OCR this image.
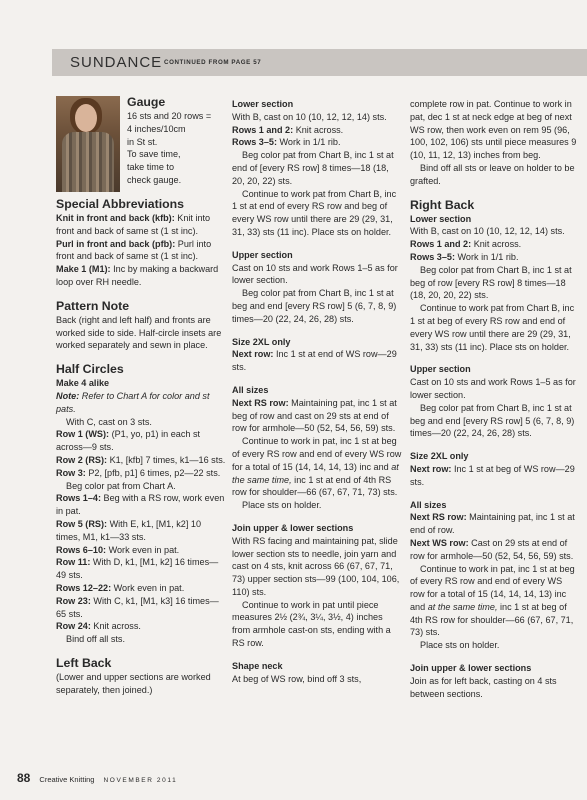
SUNDANCE CONTINUED FROM PAGE 57

Gauge

16 sts and 20 rows =

4 inches/10cm

in St st.

To save time,

take time to

check gauge.

Special Abbreviations

Knit in front and back (kfb): Knit into front and back of same st (1 st inc).

Purl in front and back (pfb): Purl into front and back of same st (1 st inc).

Make 1 (M1): Inc by making a backward loop over RH needle.

Pattern Note

Back (right and left half) and fronts are worked side to side. Half-circle insets are worked separately and sewn in place.

Half Circles

Make 4 alike

Note: Refer to Chart A for color and st pats.

With C, cast on 3 sts.

Row 1 (WS): (P1, yo, p1) in each st across—9 sts.

Row 2 (RS): K1, [kfb] 7 times, k1—16 sts.

Row 3: P2, [pfb, p1] 6 times, p2—22 sts.

Beg color pat from Chart A.

Rows 1–4: Beg with a RS row, work even in pat.

Row 5 (RS): With E, k1, [M1, k2] 10 times, M1, k1—33 sts.

Rows 6–10: Work even in pat.

Row 11: With D, k1, [M1, k2] 16 times—49 sts.

Rows 12–22: Work even in pat.

Row 23: With C, k1, [M1, k3] 16 times—65 sts.

Row 24: Knit across.

Bind off all sts.

Left Back

(Lower and upper sections are worked separately, then joined.)

Lower section

With B, cast on 10 (10, 12, 12, 14) sts.

Rows 1 and 2: Knit across.

Rows 3–5: Work in 1/1 rib.

Beg color pat from Chart B, inc 1 st at end of [every RS row] 8 times—18 (18, 20, 20, 22) sts.

Continue to work pat from Chart B, inc 1 st at end of every RS row and beg of every WS row until there are 29 (29, 31, 31, 33) sts (11 inc). Place sts on holder.

Upper section

Cast on 10 sts and work Rows 1–5 as for lower section.

Beg color pat from Chart B, inc 1 st at beg and end [every RS row] 5 (6, 7, 8, 9) times—20 (22, 24, 26, 28) sts.

Size 2XL only

Next row: Inc 1 st at end of WS row—29 sts.

All sizes

Next RS row: Maintaining pat, inc 1 st at beg of row and cast on 29 sts at end of row for armhole—50 (52, 54, 56, 59) sts.

Continue to work in pat, inc 1 st at beg of every RS row and end of every WS row for a total of 15 (14, 14, 14, 13) inc and at the same time, inc 1 st at end of 4th RS row for shoulder—66 (67, 67, 71, 73) sts.

Place sts on holder.

Join upper & lower sections

With RS facing and maintaining pat, slide lower section sts to needle, join yarn and cast on 4 sts, knit across 66 (67, 67, 71, 73) upper section sts—99 (100, 104, 106, 110) sts.

Continue to work in pat until piece measures 2½ (2¾, 3¼, 3½, 4) inches from armhole cast-on sts, ending with a RS row.

Shape neck

At beg of WS row, bind off 3 sts,

complete row in pat. Continue to work in pat, dec 1 st at neck edge at beg of next WS row, then work even on rem 95 (96, 100, 102, 106) sts until piece measures 9 (10, 11, 12, 13) inches from beg.

Bind off all sts or leave on holder to be grafted.

Right Back

Lower section

With B, cast on 10 (10, 12, 12, 14) sts.

Rows 1 and 2: Knit across.

Rows 3–5: Work in 1/1 rib.

Beg color pat from Chart B, inc 1 st at beg of row [every RS row] 8 times—18 (18, 20, 20, 22) sts.

Continue to work pat from Chart B, inc 1 st at beg of every RS row and end of every WS row until there are 29 (29, 31, 31, 33) sts (11 inc). Place sts on holder.

Upper section

Cast on 10 sts and work Rows 1–5 as for lower section.

Beg color pat from Chart B, inc 1 st at beg and end [every RS row] 5 (6, 7, 8, 9) times—20 (22, 24, 26, 28) sts.

Size 2XL only

Next row: Inc 1 st at beg of WS row—29 sts.

All sizes

Next RS row: Maintaining pat, inc 1 st at end of row.

Next WS row: Cast on 29 sts at end of row for armhole—50 (52, 54, 56, 59) sts.

Continue to work in pat, inc 1 st at beg of every RS row and end of every WS row for a total of 15 (14, 14, 14, 13) inc and at the same time, inc 1 st at beg of 4th RS row for shoulder—66 (67, 67, 71, 73) sts.

Place sts on holder.

Join upper & lower sections

Join as for left back, casting on 4 sts between sections.

88 Creative Knitting NOVEMBER 2011
